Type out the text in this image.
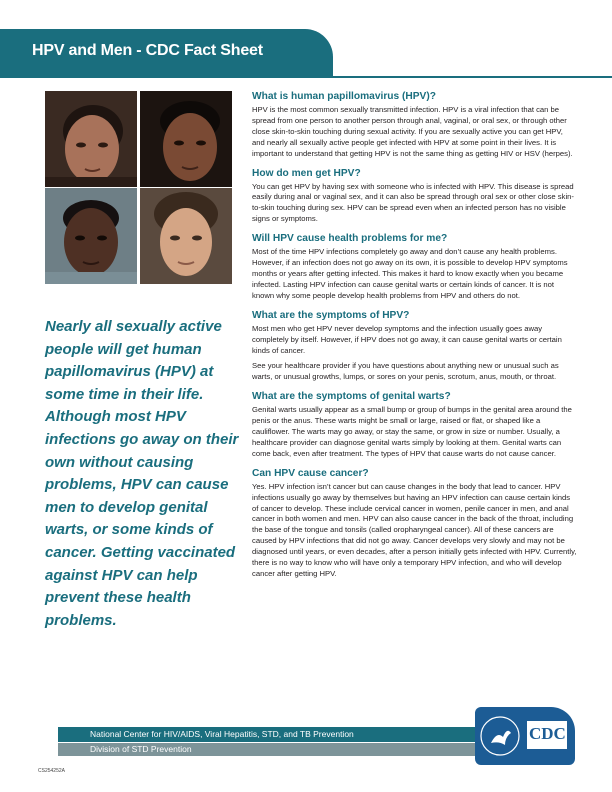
HPV and Men - CDC Fact Sheet
Nearly all sexually active people will get human papillomavirus (HPV) at some time in their life. Although most HPV infections go away on their own without causing problems, HPV can cause men to develop genital warts, or some kinds of cancer. Getting vaccinated against HPV can help prevent these health problems.
What is human papillomavirus (HPV)?
HPV is the most common sexually transmitted infection. HPV is a viral infection that can be spread from one person to another person through anal, vaginal, or oral sex, or through other close skin-to-skin touching during sexual activity. If you are sexually active you can get HPV, and nearly all sexually active people get infected with HPV at some point in their lives. It is important to understand that getting HPV is not the same thing as getting HIV or HSV (herpes).
How do men get HPV?
You can get HPV by having sex with someone who is infected with HPV. This disease is spread easily during anal or vaginal sex, and it can also be spread through oral sex or other close skin-to-skin touching during sex. HPV can be spread even when an infected person has no visible signs or symptoms.
Will HPV cause health problems for me?
Most of the time HPV infections completely go away and don’t cause any health problems. However, if an infection does not go away on its own, it is possible to develop HPV symptoms months or years after getting infected. This makes it hard to know exactly when you became infected. Lasting HPV infection can cause genital warts or certain kinds of cancer. It is not known why some people develop health problems from HPV and others do not.
What are the symptoms of HPV?
Most men who get HPV never develop symptoms and the infection usually goes away completely by itself. However, if HPV does not go away, it can cause genital warts or certain kinds of cancer.
See your healthcare provider if you have questions about anything new or unusual such as warts, or unusual growths, lumps, or sores on your penis, scrotum, anus, mouth, or throat.
What are the symptoms of genital warts?
Genital warts usually appear as a small bump or group of bumps in the genital area around the penis or the anus. These warts might be small or large, raised or flat, or shaped like a cauliflower. The warts may go away, or stay the same, or grow in size or number. Usually, a healthcare provider can diagnose genital warts simply by looking at them. Genital warts can come back, even after treatment. The types of HPV that cause warts do not cause cancer.
Can HPV cause cancer?
Yes. HPV infection isn’t cancer but can cause changes in the body that lead to cancer. HPV infections usually go away by themselves but having an HPV infection can cause certain kinds of cancer to develop. These include cervical cancer in women, penile cancer in men, and anal cancer in both women and men. HPV can also cause cancer in the back of the throat, including the base of the tongue and tonsils (called oropharyngeal cancer). All of these cancers are caused by HPV infections that did not go away. Cancer develops very slowly and may not be diagnosed until years, or even decades, after a person initially gets infected with HPV. Currently, there is no way to know who will have only a temporary HPV infection, and who will develop cancer after getting HPV.
National Center for HIV/AIDS, Viral Hepatitis, STD, and TB Prevention
Division of STD Prevention
CDC
CS254252A
